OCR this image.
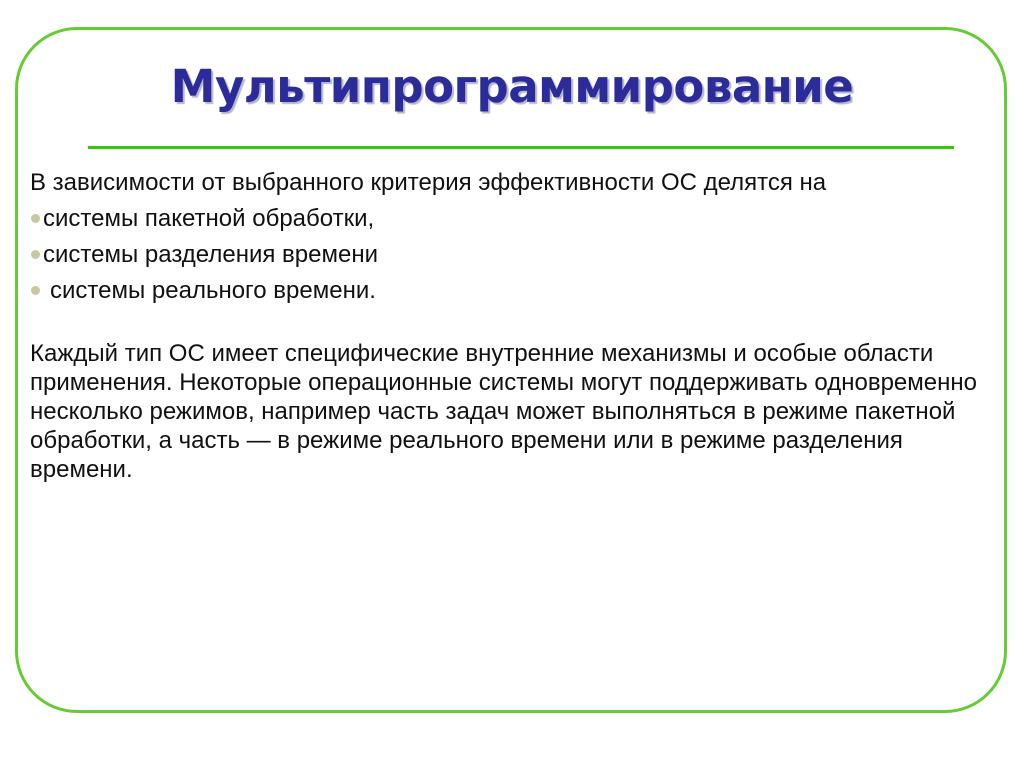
Мультипрограммирование
В зависимости от выбранного критерия эффективности ОС делятся на
системы пакетной обработки,
системы разделения времени
системы реального времени.
Каждый тип ОС имеет специфические внутренние механизмы и особые области применения. Некоторые операционные системы могут поддерживать одновременно несколько режимов, например часть задач может выполняться в режиме пакетной обработки, а часть — в режиме реального времени или в режиме разделения времени.
